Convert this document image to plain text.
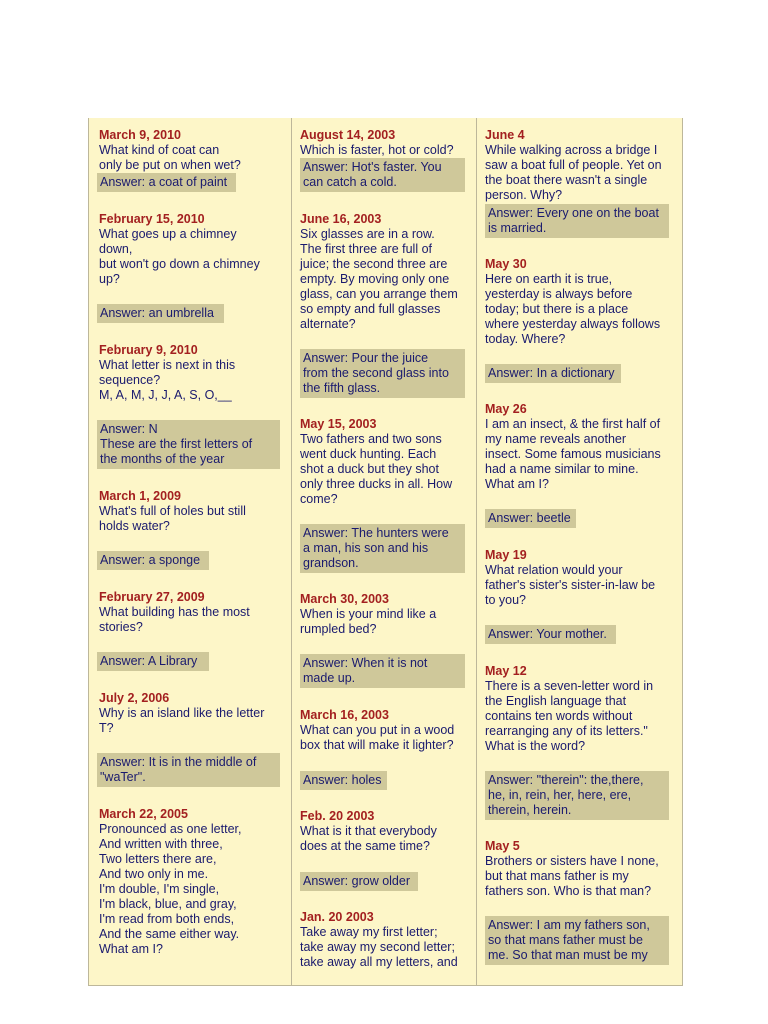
March 9, 2010
What kind of coat can
only be put on when wet?
Answer: a coat of paint
February 15, 2010
What goes up a chimney
down,
but won't go down a chimney
up?
Answer: an umbrella
February 9, 2010
What letter is next in this
sequence?
M, A, M, J, J, A, S, O,__
Answer: N
These are the first letters of
the months of the year
March 1, 2009
What's full of holes but still
holds water?
Answer: a sponge
February 27, 2009
What building has the most
stories?
Answer: A Library
July 2, 2006
Why is an island like the letter
T?
Answer: It is in the middle of
"waTer".
March 22, 2005
Pronounced as one letter,
And written with three,
Two letters there are,
And two only in me.
I'm double, I'm single,
I'm black, blue, and gray,
I'm read from both ends,
And the same either way.
What am I?
August 14, 2003
Which is faster, hot or cold?
Answer: Hot's faster. You
can catch a cold.
June 16, 2003
Six glasses are in a row.
The first three are full of
juice; the second three are
empty. By moving only one
glass, can you arrange them
so empty and full glasses
alternate?
Answer: Pour the juice
from the second glass into
the fifth glass.
May 15, 2003
Two fathers and two sons
went duck hunting. Each
shot a duck but they shot
only three ducks in all. How
come?
Answer: The hunters were
a man, his son and his
grandson.
March 30, 2003
When is your mind like a
rumpled bed?
Answer: When it is not
made up.
March 16, 2003
What can you put in a wood
box that will make it lighter?
Answer: holes
Feb. 20 2003
What is it that everybody
does at the same time?
Answer: grow older
Jan. 20 2003
Take away my first letter;
take away my second letter;
take away all my letters, and
June 4
While walking across a bridge I
saw a boat full of people. Yet on
the boat there wasn't a single
person. Why?
Answer: Every one on the boat
is married.
May 30
Here on earth it is true,
yesterday is always before
today; but there is a place
where yesterday always follows
today. Where?
Answer: In a dictionary
May 26
I am an insect, & the first half of
my name reveals another
insect. Some famous musicians
had a name similar to mine.
What am I?
Answer: beetle
May 19
What relation would your
father's sister's sister-in-law be
to you?
Answer: Your mother.
May 12
There is a seven-letter word in
the English language that
contains ten words without
rearranging any of its letters."
What is the word?
Answer: "therein": the,there,
he, in, rein, her, here, ere,
therein, herein.
May 5
Brothers or sisters have I none,
but that mans father is my
fathers son. Who is that man?
Answer: I am my fathers son,
so that mans father must be
me. So that man must be my
